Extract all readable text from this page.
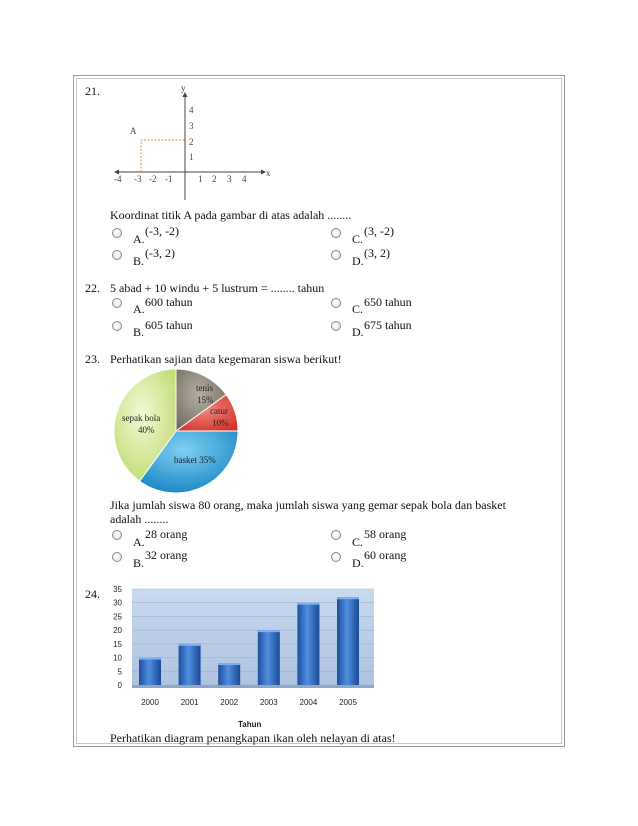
21.	y
x
A
-4 -3 -2 -1	1 2 3 4
1
2
3
4
Koordinat titik A pada gambar di atas adalah ........
A.
(-3, -2)
B.
(-3, 2)
C.
(3, -2)
D.
(3, 2)
22. 5 abad + 10 windu + 5 lustrum = ........ tahun
A. 600 tahun
B. 605 tahun
C. 650 tahun
D. 675 tahun
23. Perhatikan sajian data kegemaran siswa berikut!
tenis
15%
catur
10%
sepak bola
40%
basket 35%
Jika jumlah siswa 80 orang, maka jumlah siswa yang gemar sepak bola dan basket
adalah ........
A.
28 orang
B.
32 orang
C.
58 orang
D.
60 orang
24.
0
5
10
15
20
25
30
35
2000	2001	2002	2003	2004	2005
Tahun
Perhatikan diagram penangkapan ikan oleh nelayan di atas!
